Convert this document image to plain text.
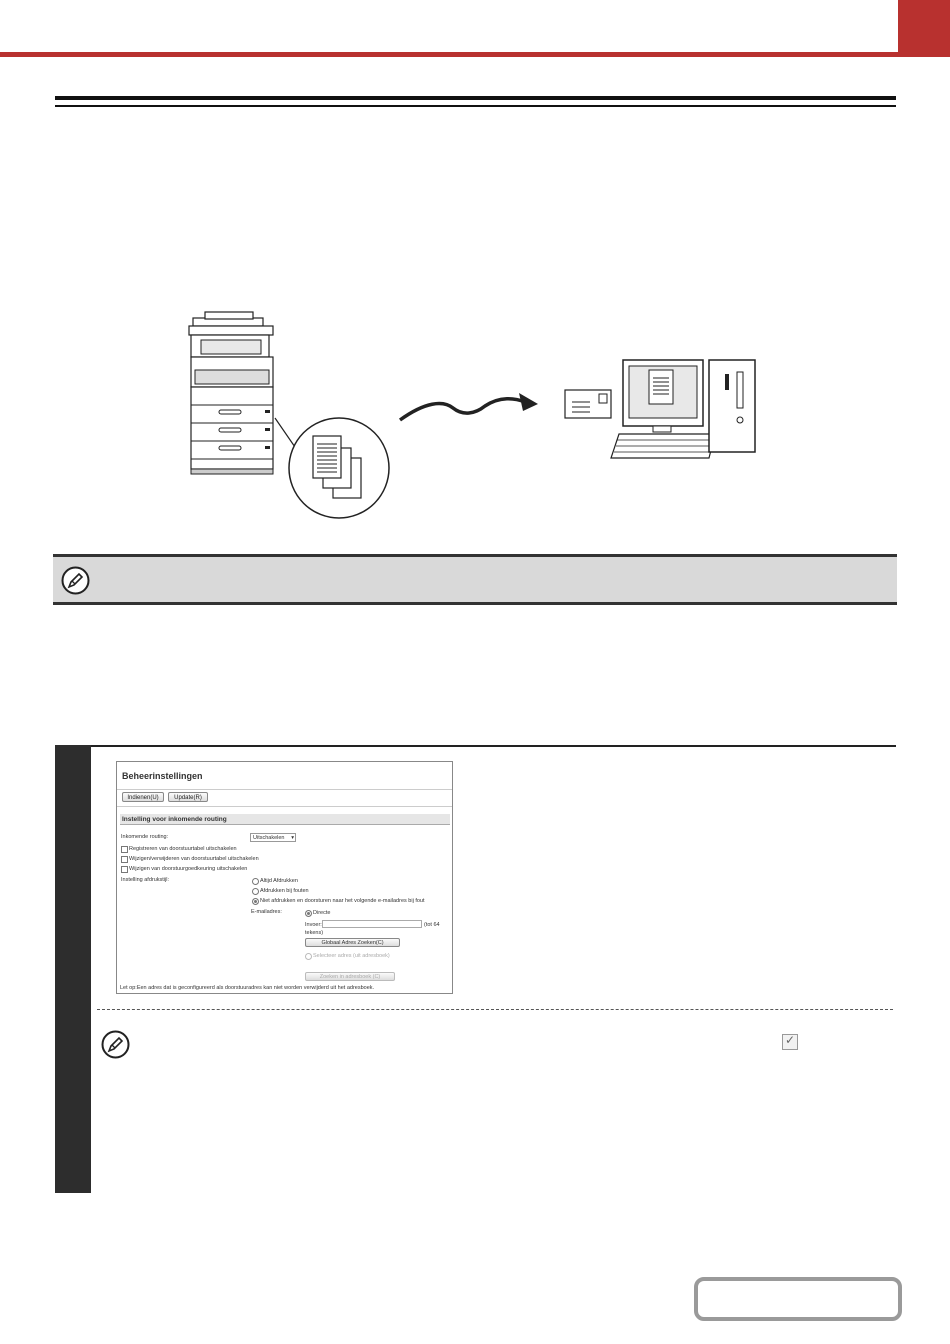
Beheerinstellingen
Indienen(U)	Update(R)
Instelling voor inkomende routing
Inkomende routing:	Uitschakelen ▾
Registreren van doorstuurtabel uitschakelen
Wijzigen/verwijderen van doorstuurtabel uitschakelen
Wijzigen van doorstuurgoedkeuring uitschakelen
Instelling afdrukstijl:	Altijd Afdrukken
Afdrukken bij fouten
Niet afdrukken en doorsturen naar het volgende e-mailadres bij fout
E-mailadres:	Directe
Invoer:	(tot 64
tekens)
Globaal Adres Zoeken(C)
Selecteer adres (uit adresboek)
Zoeken in adresboek (C)
Let op:Een adres dat is geconfigureerd als doorstuuradres kan niet worden verwijderd uit het adresboek.
✓
